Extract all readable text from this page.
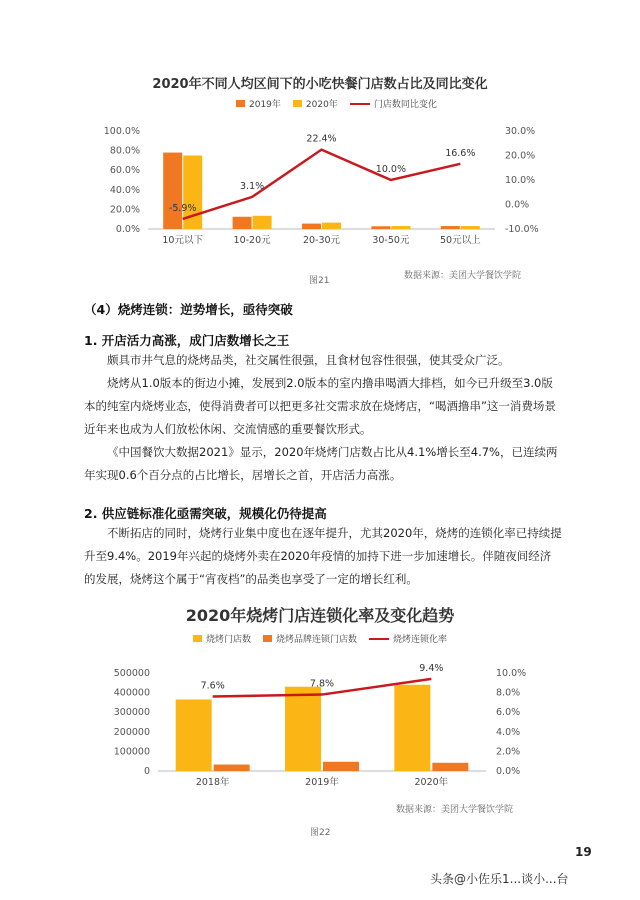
2020年不同人均区间下的小吃快餐门店数占比及同比变化
2019年	2020年	门店数同比变化
100.0%
80.0%
60.0%
40.0%
20.0%
0.0%
30.0%
20.0%
10.0%
0.0%
-10.0%
10元以下	10-20元	20-30元	30-50元	50元以上
-5.9%
3.1%
22.4%
10.0%
16.6%
数据来源：美团大学餐饮学院
图21
（4）烧烤连锁：逆势增长，亟待突破
1. 开店活力高涨，成门店数增长之王

颇具市井气息的烧烤品类，社交属性很强，且食材包容性很强，使其受众广泛。

烧烤从1.0版本的街边小摊，发展到2.0版本的室内撸串喝酒大排档，如今已升级至3.0版本的纯室内烧烤业态，使得消费者可以把更多社交需求放在烧烤店，“喝酒撸串”这一消费场景近年来也成为人们放松休闲、交流情感的重要餐饮形式。

《中国餐饮大数据2021》显示，2020年烧烤门店数占比从4.1%增长至4.7%，已连续两年实现0.6个百分点的占比增长，居增长之首，开店活力高涨。

2. 供应链标准化亟需突破，规模化仍待提高

不断拓店的同时，烧烤行业集中度也在逐年提升，尤其2020年，烧烤的连锁化率已持续提升至9.4%。2019年兴起的烧烤外卖在2020年疫情的加持下进一步加速增长。伴随夜间经济的发展，烧烤这个属于“宵夜档”的品类也享受了一定的增长红利。

2020年烧烤门店连锁化率及变化趋势
烧烤门店数	烧烤品牌连锁门店数	烧烤连锁化率
500000
400000
300000
200000
100000
0
10.0%
8.0%
6.0%
4.0%
2.0%
0.0%
2018年	2019年	2020年
7.6%	7.8%
9.4%
数据来源：美团大学餐饮学院
图22
19
头条@小佐乐1...谈小...台
